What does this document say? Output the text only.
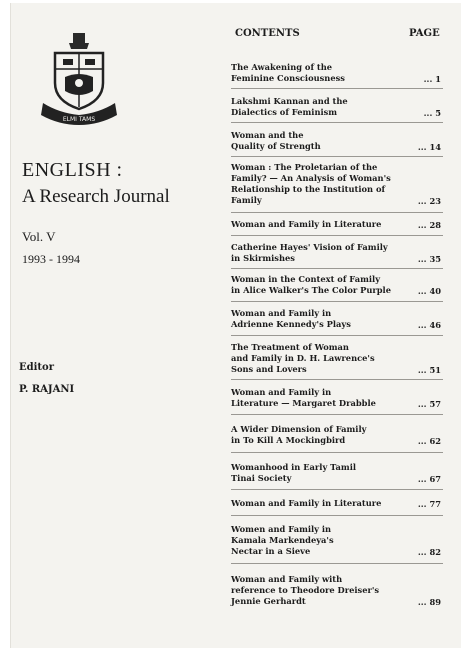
ELMI TAMS
ENGLISH :
A Research Journal
Vol. V
1993 - 1994
Editor
P. RAJANI
CONTENTS	PAGE
The Awakening of the
Feminine Consciousness	... 1
Lakshmi Kannan and the
Dialectics of Feminism	... 5
Woman and the
Quality of Strength	... 14
Woman : The Proletarian of the
Family? — An Analysis of Woman's
Relationship to the Institution of
Family	... 23
Woman and Family in Literature	... 28
Catherine Hayes' Vision of Family
in Skirmishes	... 35
Woman in the Context of Family
in Alice Walker's The Color Purple	... 40
Woman and Family in
Adrienne Kennedy's Plays	... 46
The Treatment of Woman
and Family in D. H. Lawrence's
Sons and Lovers	... 51
Woman and Family in
Literature — Margaret Drabble	... 57
A Wider Dimension of Family
in To Kill A Mockingbird	... 62
Womanhood in Early Tamil
Tinai Society	... 67
Woman and Family in Literature	... 77
Women and Family in
Kamala Markendeya's
Nectar in a Sieve	... 82
Woman and Family with
reference to Theodore Dreiser's
Jennie Gerhardt	... 89
